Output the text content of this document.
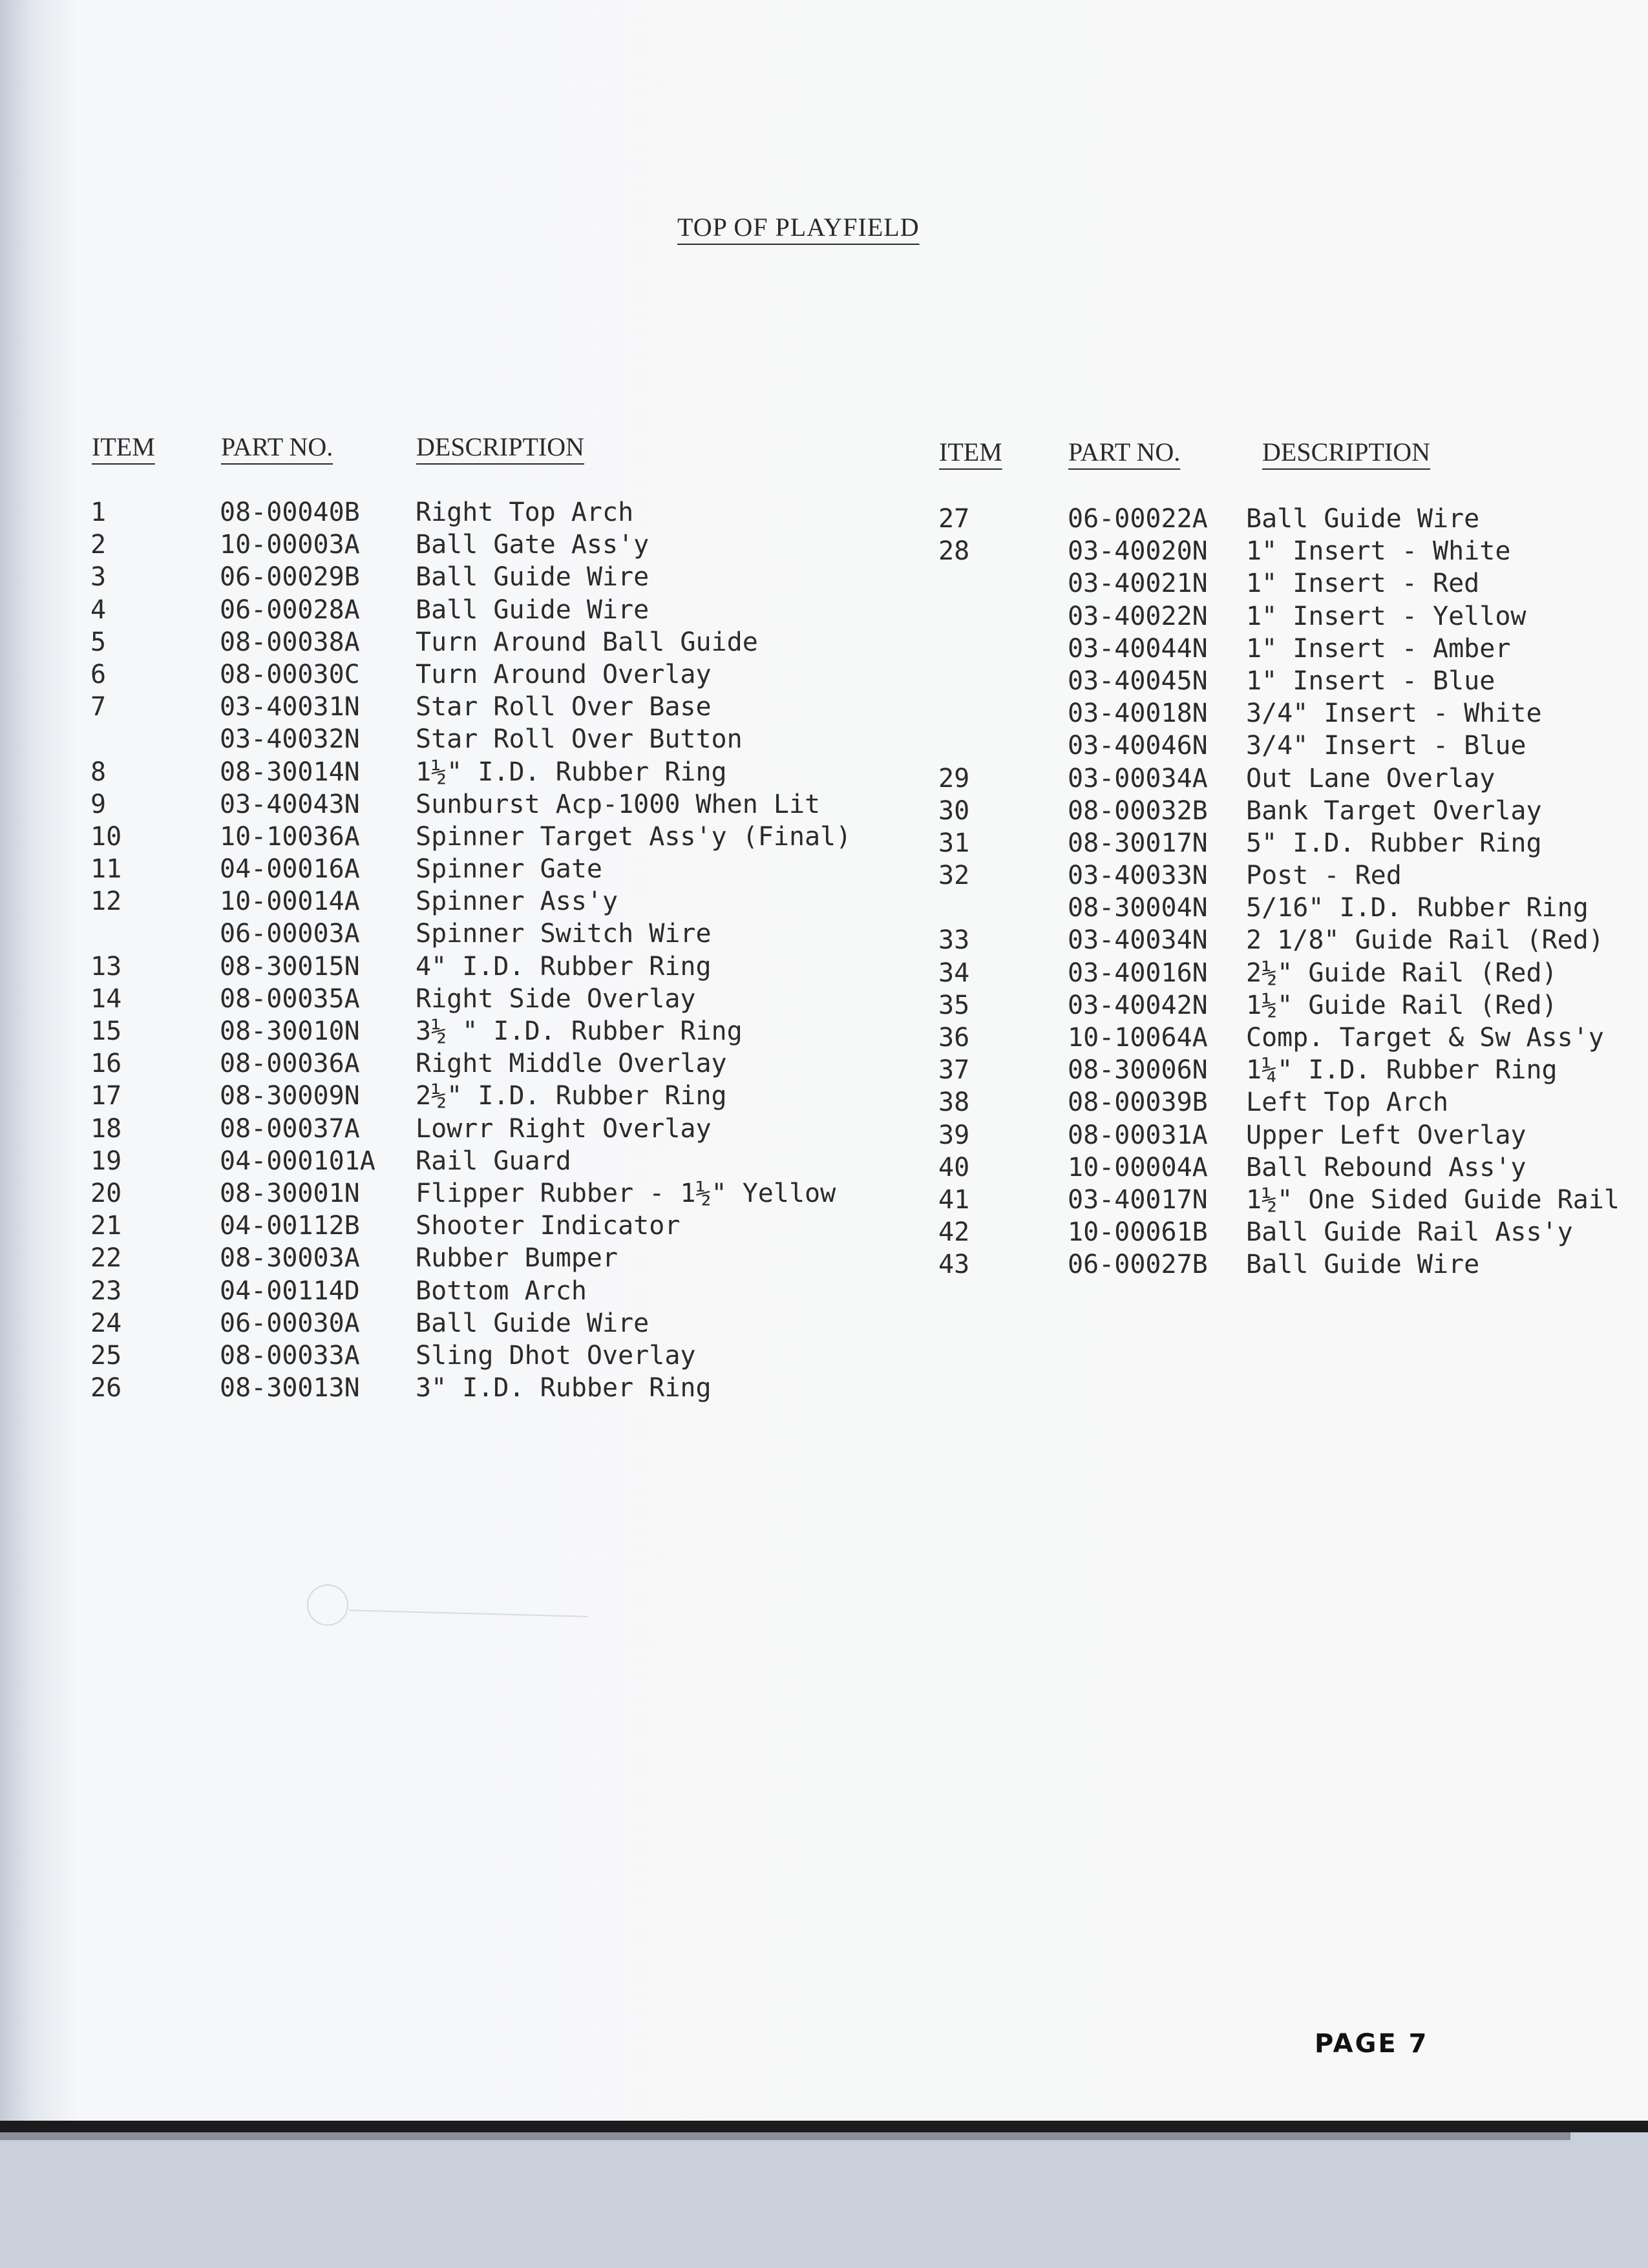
TOP OF PLAYFIELD
ITEM	PART NO.	DESCRIPTION	ITEM	PART NO.	DESCRIPTION
1	08-00040B Right Top Arch
2	10-00003A Ball Gate Ass'y
3	06-00029B Ball Guide Wire
4	06-00028A Ball Guide Wire
5	08-00038A Turn Around Ball Guide
6	08-00030C Turn Around Overlay
7	03-40031N Star Roll Over Base
03-40032N Star Roll Over Button
8	08-30014N 1½" I.D. Rubber Ring
9	03-40043N Sunburst Acp-1000 When Lit
10	10-10036A Spinner Target Ass'y (Final)
11	04-00016A Spinner Gate
12	10-00014A Spinner Ass'y
06-00003A Spinner Switch Wire
13	08-30015N 4" I.D. Rubber Ring
14	08-00035A Right Side Overlay
15	08-30010N 3½ " I.D. Rubber Ring
16	08-00036A Right Middle Overlay
17	08-30009N 2½" I.D. Rubber Ring
18	08-00037A Lowrr Right Overlay
19	04-000101A Rail Guard
20	08-30001N Flipper Rubber - 1½" Yellow
21	04-00112B Shooter Indicator
22	08-30003A Rubber Bumper
23	04-00114D Bottom Arch
24	06-00030A Ball Guide Wire
25	08-00033A Sling Dhot Overlay
26	08-30013N 3" I.D. Rubber Ring
27	06-00022A Ball Guide Wire
28	03-40020N 1" Insert - White
03-40021N 1" Insert - Red
03-40022N 1" Insert - Yellow
03-40044N 1" Insert - Amber
03-40045N 1" Insert - Blue
03-40018N 3/4" Insert - White
03-40046N 3/4" Insert - Blue
29	03-00034A Out Lane Overlay
30	08-00032B Bank Target Overlay
31	08-30017N 5" I.D. Rubber Ring
32	03-40033N Post - Red
08-30004N 5/16" I.D. Rubber Ring
33	03-40034N 2 1/8" Guide Rail (Red)
34	03-40016N 2½" Guide Rail (Red)
35	03-40042N 1½" Guide Rail (Red)
36	10-10064A Comp. Target & Sw Ass'y
37	08-30006N 1¼" I.D. Rubber Ring
38	08-00039B Left Top Arch
39	08-00031A Upper Left Overlay
40	10-00004A Ball Rebound Ass'y
41	03-40017N 1½" One Sided Guide Rail
42	10-00061B Ball Guide Rail Ass'y
43	06-00027B Ball Guide Wire
PAGE 7
